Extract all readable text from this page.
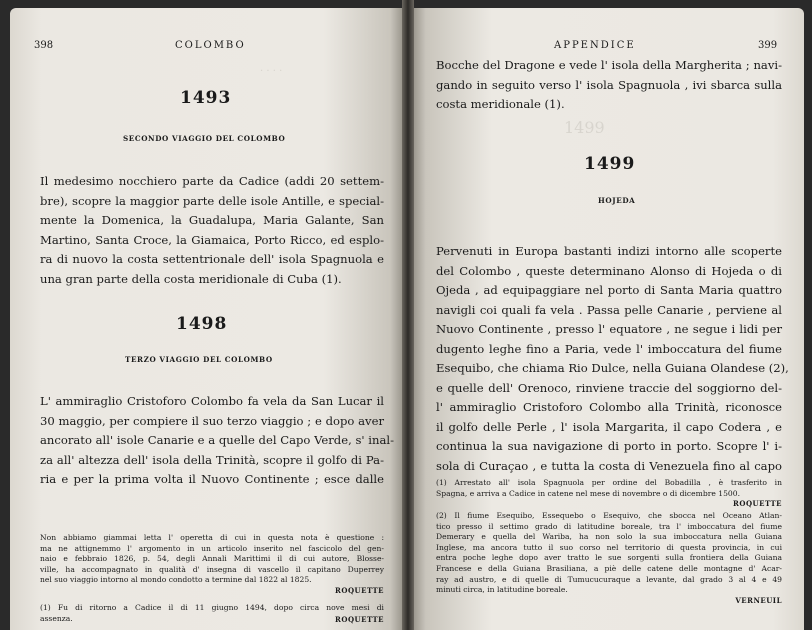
· · · ·
398	COLOMBO
1493
SECONDO VIAGGIO DEL COLOMBO
Il medesimo nocchiero parte da Cadice (addi 20 settem-
bre), scopre la maggior parte delle isole Antille, e special-
mente la Domenica, la Guadalupa, Maria Galante, San
Martino, Santa Croce, la Giamaica, Porto Ricco, ed esplo-
ra di nuovo la costa settentrionale dell' isola Spagnuola e
una gran parte della costa meridionale di Cuba (1).
1498
TERZO VIAGGIO DEL COLOMBO
L' ammiraglio Cristoforo Colombo fa vela da San Lucar il
30 maggio, per compiere il suo terzo viaggio ; e dopo aver
ancorato all' isole Canarie e a quelle del Capo Verde, s' inal-
za all' altezza dell' isola della Trinità, scopre il golfo di Pa-
ria e per la prima volta il Nuovo Continente ; esce dalle
Non abbiamo giammai letta l' operetta di cui in questa nota è questione :
ma ne attignemmo l' argomento in un articolo inserito nel fascicolo del gen-
naio e febbraio 1826, p. 54, degli Annali Marittimi il di cui autore, Blosse-
ville, ha accompagnato in qualità d' insegna di vascello il capitano Duperrey
nel suo viaggio intorno al mondo condotto a termine dal 1822 al 1825.
ROQUETTE
(1) Fu di ritorno a Cadice il di 11 giugno 1494, dopo circa nove mesi di
assenza.	ROQUETTE
1499
APPENDICE	399
Bocche del Dragone e vede l' isola della Margherita ; navi-
gando in seguito verso l' isola Spagnuola , ivi sbarca sulla
costa meridionale (1).
1499
HOJEDA
Pervenuti in Europa bastanti indizi intorno alle scoperte
del Colombo , queste determinano Alonso di Hojeda o di
Ojeda , ad equipaggiare nel porto di Santa Maria quattro
navigli coi quali fa vela . Passa pelle Canarie , perviene al
Nuovo Continente , presso l' equatore , ne segue i lidi per
dugento leghe fino a Paria, vede l' imboccatura del fiume
Esequibo, che chiama Rio Dulce, nella Guiana Olandese (2),
e quelle dell' Orenoco, rinviene traccie del soggiorno del-
l' ammiraglio Cristoforo Colombo alla Trinità, riconosce
il golfo delle Perle , l' isola Margarita, il capo Codera , e
continua la sua navigazione di porto in porto. Scopre l' i-
sola di Curaçao , e tutta la costa di Venezuela fino al capo
(1) Arrestato all' isola Spagnuola per ordine del Bobadilla , è trasferito in
Spagna, e arriva a Cadice in catene nel mese di novembre o di dicembre 1500.
ROQUETTE
(2) Il fiume Esequibo, Essequebo o Esequivo, che sbocca nel Oceano Atlan-
tico presso il settimo grado di latitudine boreale, tra l' imboccatura del fiume
Demerary e quella del Wariba, ha non solo la sua imboccatura nella Guiana
Inglese, ma ancora tutto il suo corso nel territorio di questa provincia, in cui
entra poche leghe dopo aver tratto le sue sorgenti sulla frontiera della Guiana
Francese e della Guiana Brasiliana, a piè delle catene delle montagne d' Acar-
ray ad austro, e di quelle di Tumucucuraque a levante, dal grado 3 al 4 e 49
minuti circa, in latitudine boreale.
VERNEUIL
